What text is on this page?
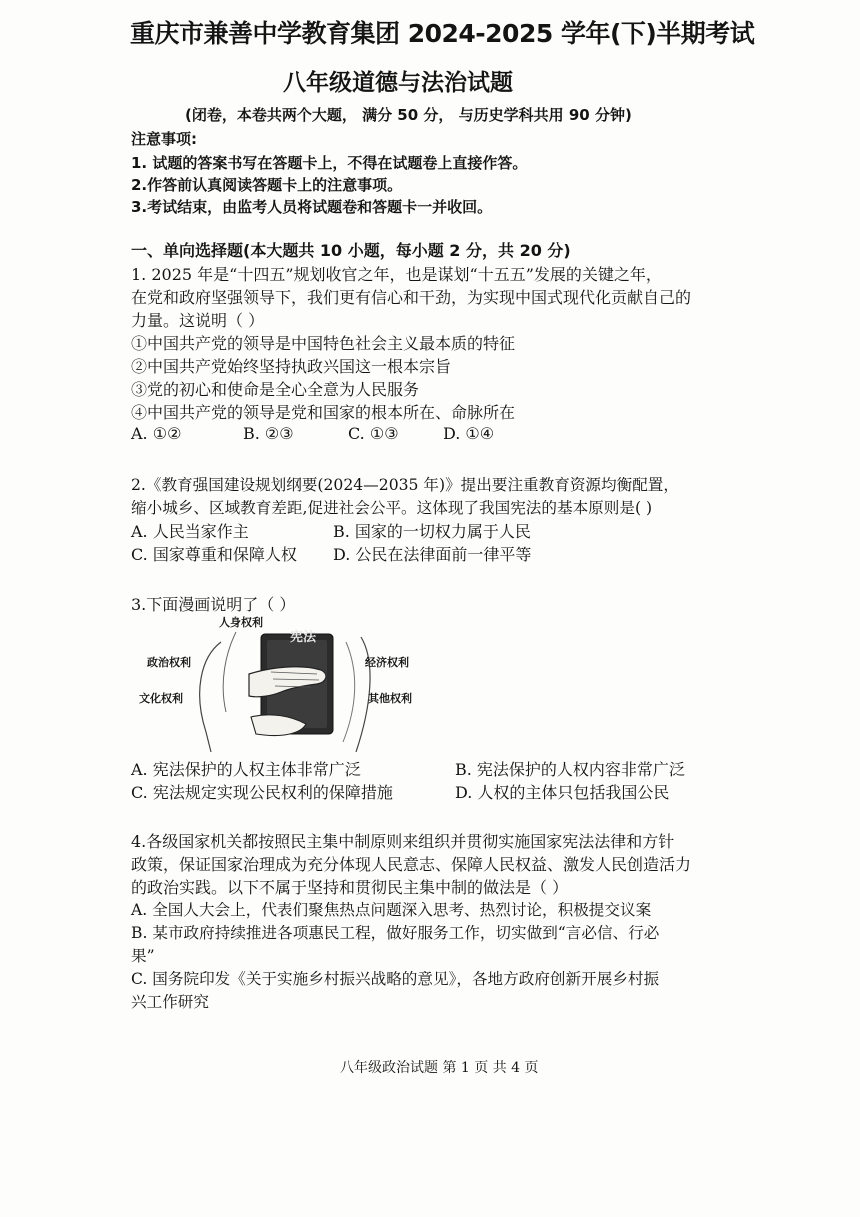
重庆市兼善中学教育集团 2024-2025 学年(下)半期考试
八年级道德与法治试题
(闭卷，本卷共两个大题， 满分 50 分， 与历史学科共用 90 分钟)
注意事项:
1. 试题的答案书写在答题卡上，不得在试题卷上直接作答。
2.作答前认真阅读答题卡上的注意事项。
3.考试结束，由监考人员将试题卷和答题卡一并收回。
一、单向选择题(本大题共 10 小题，每小题 2 分，共 20 分)
1. 2025 年是“十四五”规划收官之年，也是谋划“十五五”发展的关键之年，
在党和政府坚强领导下，我们更有信心和干劲，为实现中国式现代化贡献自己的
力量。这说明（ ）
①中国共产党的领导是中国特色社会主义最本质的特征
②中国共产党始终坚持执政兴国这一根本宗旨
③党的初心和使命是全心全意为人民服务
④中国共产党的领导是党和国家的根本所在、命脉所在
A. ①②	B. ②③	C. ①③	D. ①④
2.《教育强国建设规划纲要(2024—2035 年)》提出要注重教育资源均衡配置，
缩小城乡、区域教育差距,促进社会公平。这体现了我国宪法的基本原则是( )
A. 人民当家作主	B. 国家的一切权力属于人民
C. 国家尊重和保障人权 D. 公民在法律面前一律平等
3.下面漫画说明了（ ）
宪法
人身权利
政治权利
文化权利
经济权利
其他权利
A. 宪法保护的人权主体非常广泛	B. 宪法保护的人权内容非常广泛
C. 宪法规定实现公民权利的保障措施	D. 人权的主体只包括我国公民
4.各级国家机关都按照民主集中制原则来组织并贯彻实施国家宪法法律和方针
政策，保证国家治理成为充分体现人民意志、保障人民权益、激发人民创造活力
的政治实践。以下不属于坚持和贯彻民主集中制的做法是（ ）
A. 全国人大会上，代表们聚焦热点问题深入思考、热烈讨论，积极提交议案
B. 某市政府持续推进各项惠民工程，做好服务工作，切实做到“言必信、行必
果”
C. 国务院印发《关于实施乡村振兴战略的意见》，各地方政府创新开展乡村振
兴工作研究
八年级政治试题 第 1 页 共 4 页
